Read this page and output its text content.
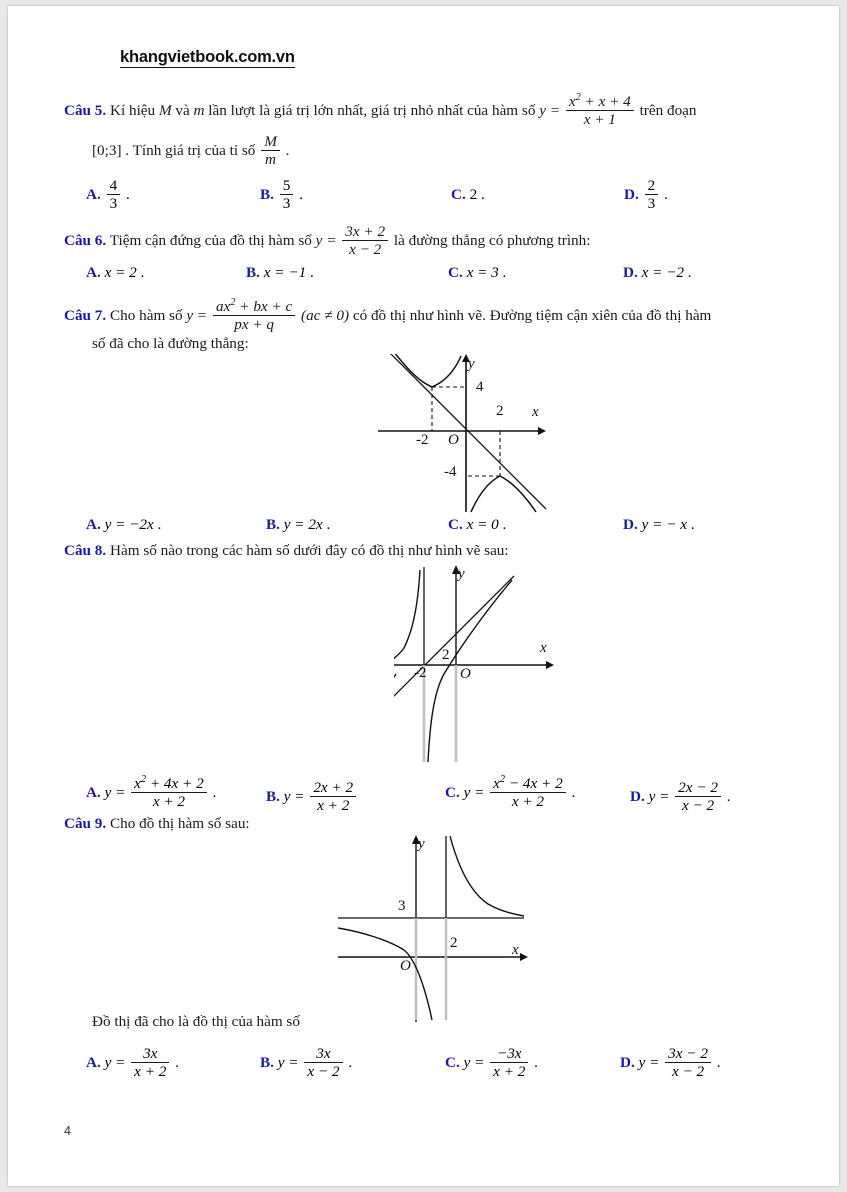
khangvietbook.com.vn
Câu 5. Kí hiệu M và m lần lượt là giá trị lớn nhất, giá trị nhỏ nhất của hàm số $y = \frac{x^2 + x + 4}{x + 1}$ trên đoạn
[0;3] . Tính giá trị của tỉ số $\frac{M}{m}$ .
A. $\frac{4}{3}$ .	B. $\frac{5}{3}$ .	C. 2 .	D. $\frac{2}{3}$ .
Câu 6. Tiệm cận đứng của đồ thị hàm số $y = \frac{3x + 2}{x - 2}$ là đường thẳng có phương trình:
A. x = 2 .	B. x = −1 .	C. x = 3 .	D. x = −2 .
Câu 7. Cho hàm số $y = \frac{ax^2 + bx + c}{px + q} (ac \ne 0)$ có đồ thị như hình vẽ. Đường tiệm cận xiên của đồ thị hàm
số đã cho là đường thẳng:
4
-4
-2
2
O
x
y
A. y = −2x .	B. y = 2x .	C. x = 0 .	D. y = − x .
Câu 8. Hàm số nào trong các hàm số dưới đây có đồ thị như hình vẽ sau:
-2
2
O
x
y
A. $y = \frac{x^2 + 4x + 2}{x + 2}$ .	B. $y = \frac{2x + 2}{x + 2}$	C. $y = \frac{x^2 - 4x + 2}{x + 2}$ .	D. $y = \frac{2x - 2}{x - 2}$ .
Câu 9. Cho đồ thị hàm số sau:
3
2
O
x
y
Đồ thị đã cho là đồ thị của hàm số
A. $y = \frac{3x}{x + 2}$ .	B. $y = \frac{3x}{x - 2}$ .	C. $y = \frac{-3x}{x + 2}$ .	D. $y = \frac{3x - 2}{x - 2}$ .
4
